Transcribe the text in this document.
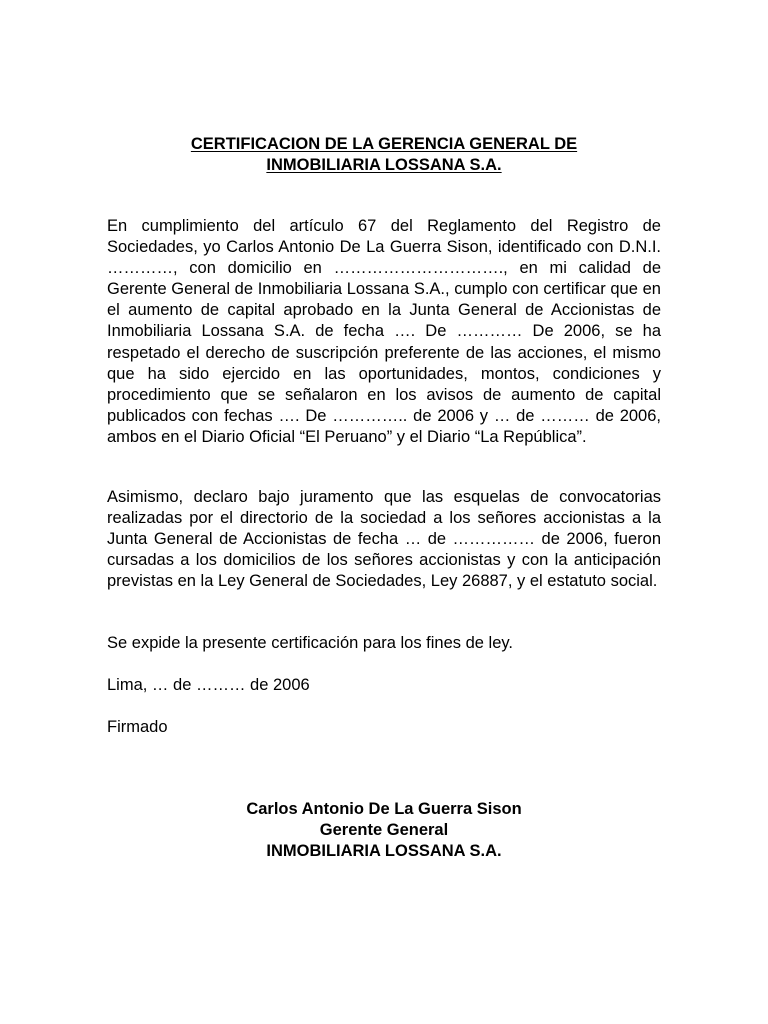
CERTIFICACION DE LA GERENCIA GENERAL DE
INMOBILIARIA LOSSANA S.A.

En cumplimiento del artículo 67 del Reglamento del Registro de Sociedades, yo Carlos Antonio De La Guerra Sison, identificado con D.N.I. …………, con domicilio en …………………………., en mi calidad de Gerente General de Inmobiliaria Lossana S.A., cumplo con certificar que en el aumento de capital aprobado en la Junta General de Accionistas de Inmobiliaria Lossana S.A. de fecha …. De ………… De 2006, se ha respetado el derecho de suscripción preferente de las acciones, el mismo que ha sido ejercido en las oportunidades, montos, condiciones y procedimiento que se señalaron en los avisos de aumento de capital publicados con fechas …. De ………….. de 2006 y … de ……… de 2006, ambos en el Diario Oficial “El Peruano” y el Diario “La República”.

Asimismo, declaro bajo juramento que las esquelas de convocatorias realizadas por el directorio de la sociedad a los señores accionistas a la Junta General de Accionistas de fecha … de …………… de 2006, fueron cursadas a los domicilios de los señores accionistas y con la anticipación previstas en la Ley General de Sociedades, Ley 26887, y el estatuto social.

Se expide la presente certificación para los fines de ley.

Lima, … de ……… de 2006

Firmado

Carlos Antonio De La Guerra Sison
Gerente General
INMOBILIARIA LOSSANA S.A.
